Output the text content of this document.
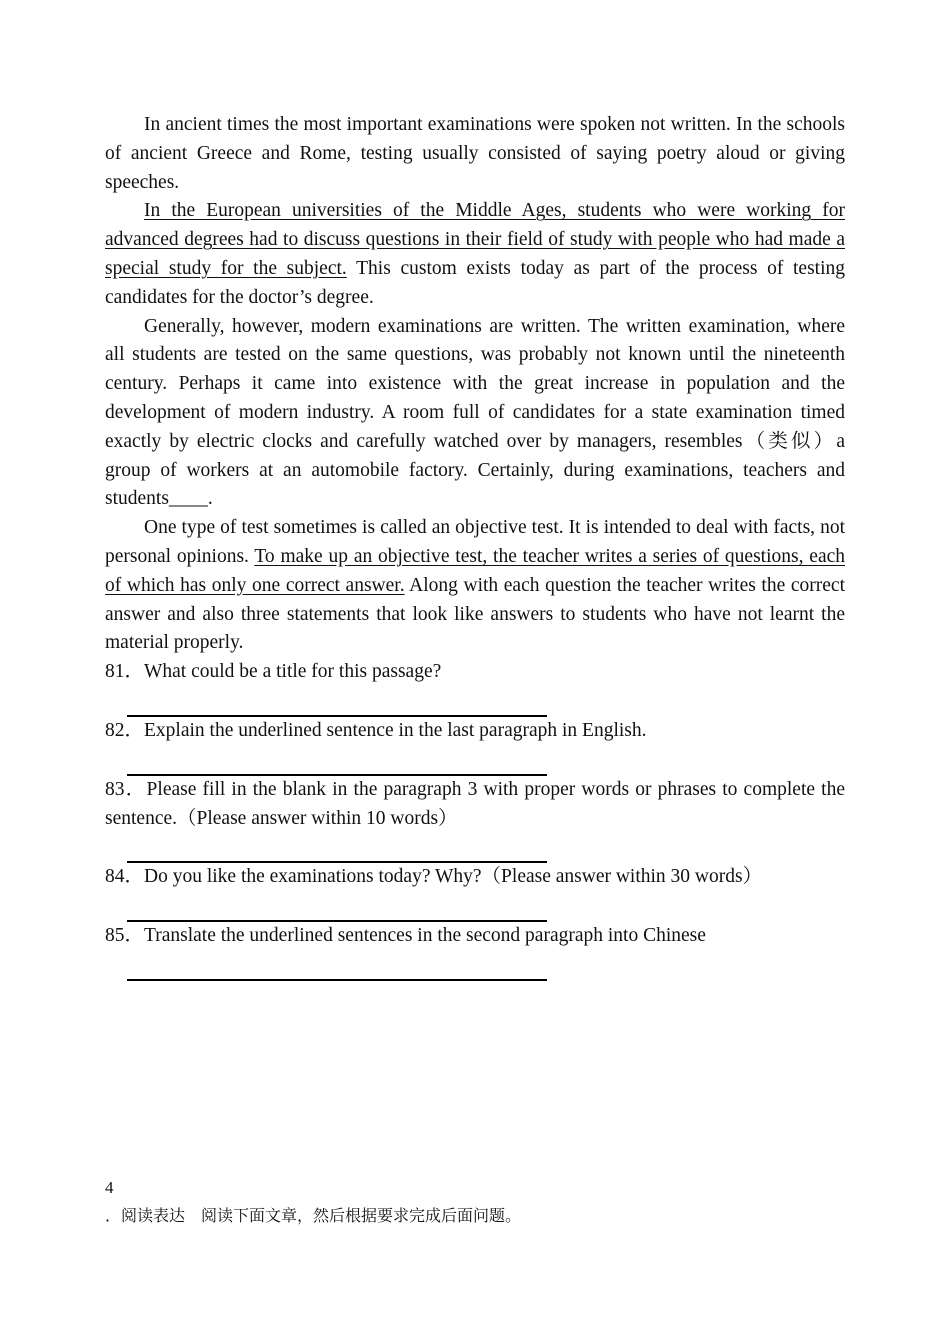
In ancient times the most important examinations were spoken not written. In the schools of ancient Greece and Rome, testing usually consisted of saying poetry aloud or giving speeches.

In the European universities of the Middle Ages, students who were working for advanced degrees had to discuss questions in their field of study with people who had made a special study for the subject. This custom exists today as part of the process of testing candidates for the doctor’s degree.

Generally, however, modern examinations are written. The written examination, where all students are tested on the same questions, was probably not known until the nineteenth century. Perhaps it came into existence with the great increase in population and the development of modern industry. A room full of candidates for a state examination timed exactly by electric clocks and carefully watched over by managers, resembles（类似）a group of workers at an automobile factory. Certainly, during examinations, teachers and students____.

One type of test sometimes is called an objective test. It is intended to deal with facts, not personal opinions. To make up an objective test, the teacher writes a series of questions, each of which has only one correct answer. Along with each question the teacher writes the correct answer and also three statements that look like answers to students who have not learnt the material properly.

81．What could be a title for this passage?

82．Explain the underlined sentence in the last paragraph in English.

83．Please fill in the blank in the paragraph 3 with proper words or phrases to complete the sentence.（Please answer within 10 words）

84．Do you like the examinations today? Why?（Please answer within 30 words）

85．Translate the underlined sentences in the second paragraph into Chinese

4
．阅读表达　阅读下面文章，然后根据要求完成后面问题。
